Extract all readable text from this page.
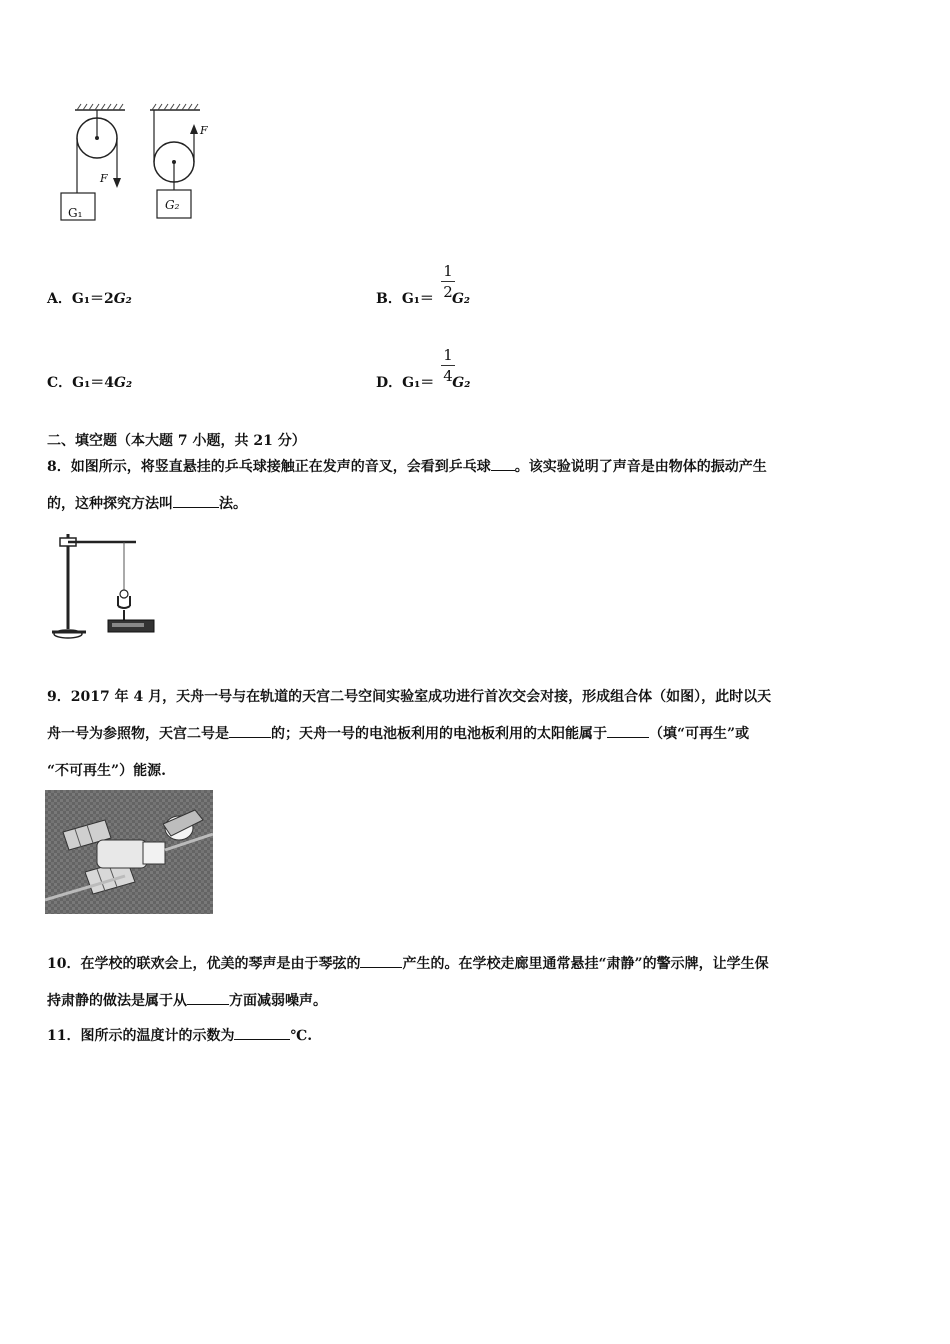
G₁
G₂
F
F
A．G₁＝2G₂	B．G₁＝ G₂
1
2
C．G₁＝4G₂	D．G₁＝ G₂
1
4
二、填空题（本大题 7 小题，共 21 分）
8．如图所示，将竖直悬挂的乒乓球接触正在发声的音叉，会看到乒乓球 。该实验说明了声音是由物体的振动产生
的，这种探究方法叫	法。
9．2017 年 4 月，天舟一号与在轨道的天宫二号空间实验室成功进行首次交会对接，形成组合体（如图），此时以天
舟一号为参照物，天宫二号是	的；天舟一号的电池板利用的电池板利用的太阳能属于	（填“可再生”或
“不可再生”）能源.
10．在学校的联欢会上，优美的琴声是由于琴弦的	产生的。在学校走廊里通常悬挂“肃静”的警示牌，让学生保
持肃静的做法是属于从	方面减弱噪声。
11．图所示的温度计的示数为	℃.
